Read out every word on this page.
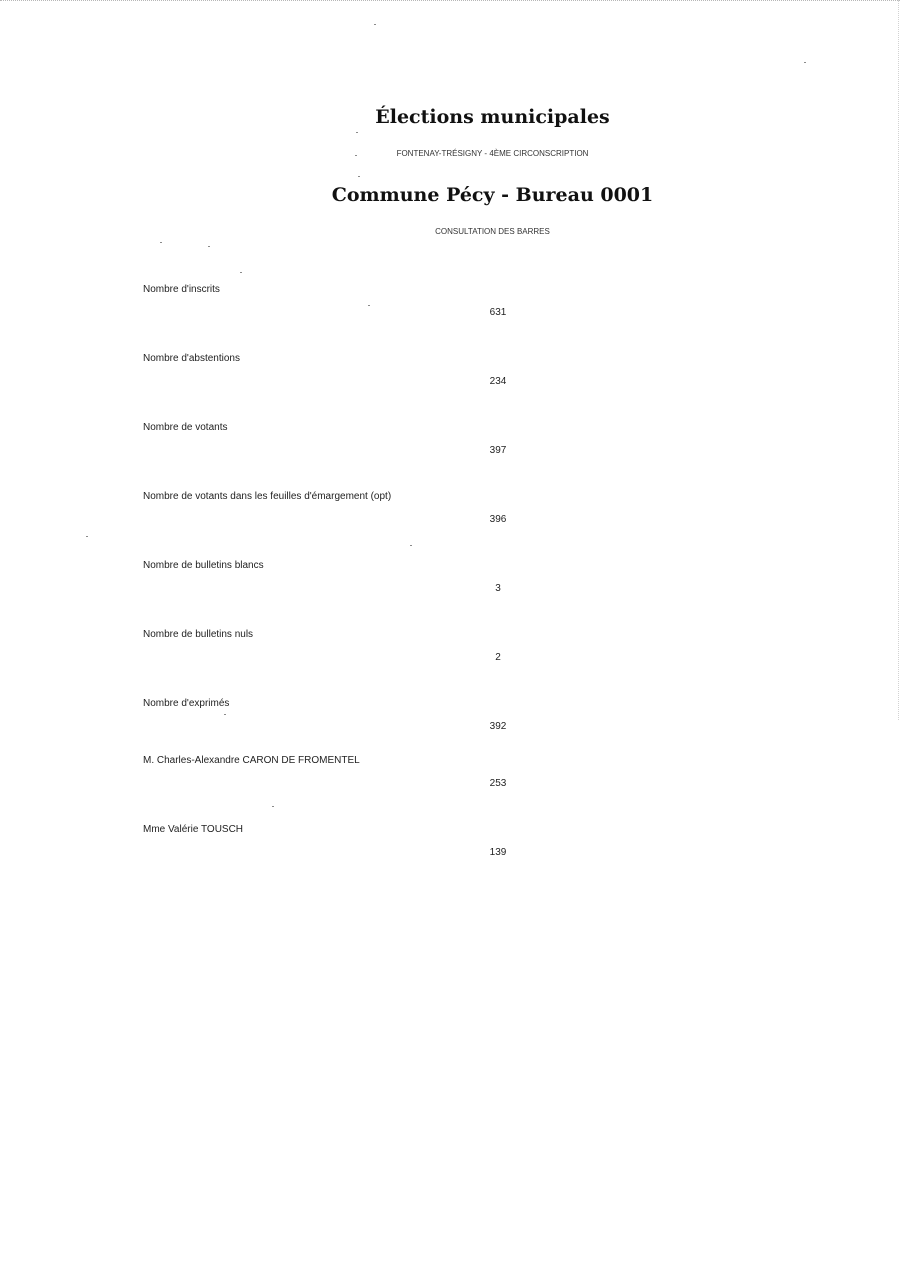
Élections municipales
FONTENAY-TRÉSIGNY - 4ÈME CIRCONSCRIPTION
Commune Pécy - Bureau 0001
CONSULTATION DES BARRES
Nombre d'inscrits
631
Nombre d'abstentions
234
Nombre de votants
397
Nombre de votants dans les feuilles d'émargement (opt)
396
Nombre de bulletins blancs
3
Nombre de bulletins nuls
2
Nombre d'exprimés
392
M. Charles-Alexandre CARON DE FROMENTEL
253
Mme Valérie TOUSCH
139
